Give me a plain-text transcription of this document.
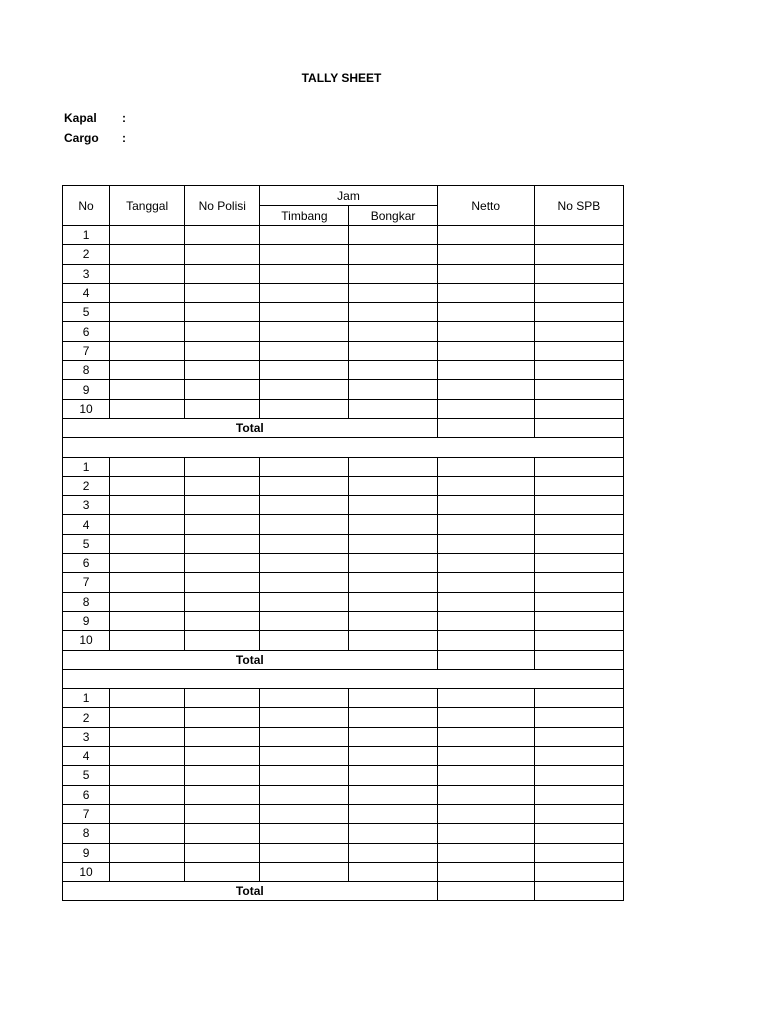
TALLY SHEET
Kapal :
Cargo :
No	Tanggal	No Polisi	Jam		Netto	No SPB
			Timbang	Bongkar		
1						
2						
3						
4						
5						
6						
7						
8						
9						
10						
Total						

1						
2						
3						
4						
5						
6						
7						
8						
9						
10						
Total						

1						
2						
3						
4						
5						
6						
7						
8						
9						
10						
Total						
